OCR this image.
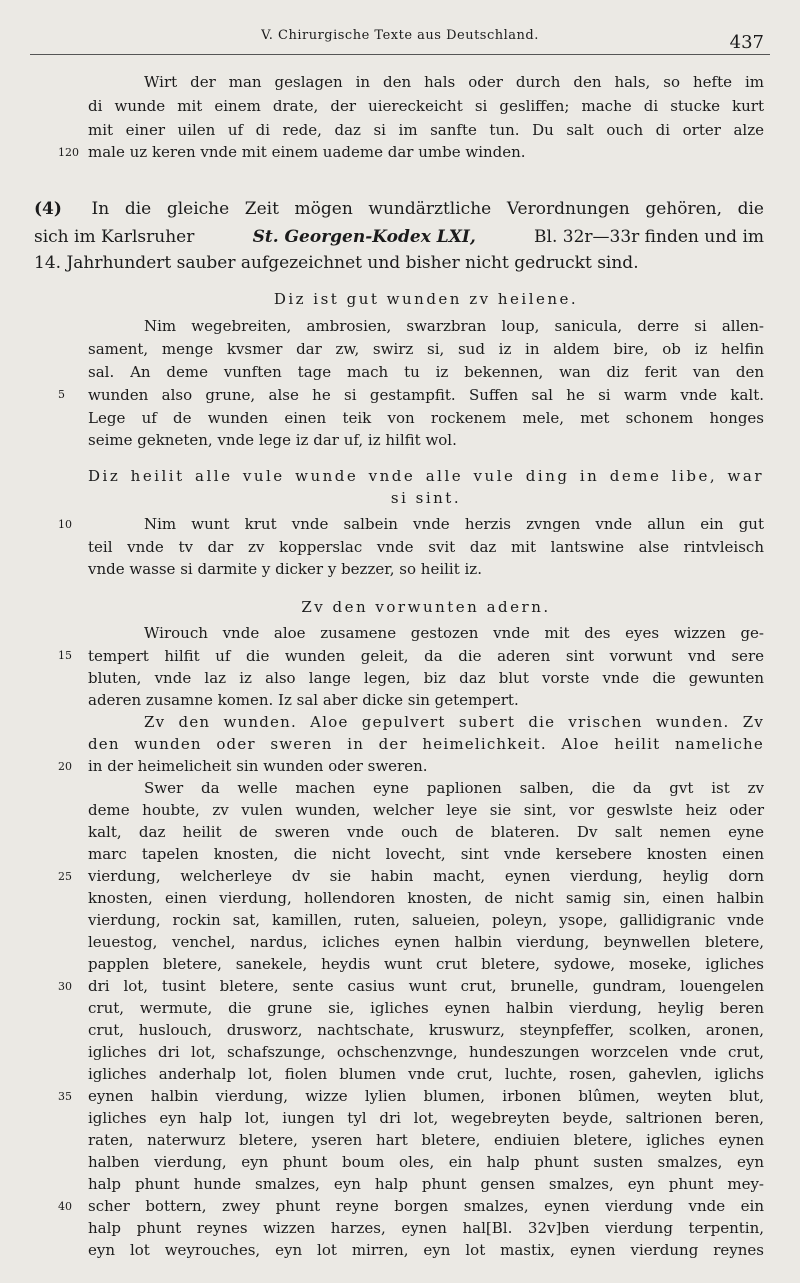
V. Chirurgische Texte aus Deutschland.	437
Wirt der man geslagen in den hals oder durch den hals, so hefte im
di wunde mit einem drate, der uiereckeicht si gesliffen; mache di stucke kurt
mit einer uilen uf di rede, daz si im sanfte tun. Du salt ouch di orter alze
120 male uz keren vnde mit einem uademe dar umbe winden.
(4) In die gleiche Zeit mögen wundärztliche Verordnungen gehören, die
sich im Karlsruher	St. Georgen-Kodex LXI,	Bl. 32r—33r finden und im
14. Jahrhundert sauber aufgezeichnet und bisher nicht gedruckt sind.
Diz ist gut wunden zv heilene.
Nim wegebreiten, ambrosien, swarzbran loup, sanicula, derre si allen-
sament, menge kvsmer dar zw, swirz si, sud iz in aldem bire, ob iz helfin
sal. An deme vunften tage mach tu iz bekennen, wan diz ferit van den
5	wunden also grune, alse he si gestampfit. Suffen sal he si warm vnde kalt.
Lege uf de wunden einen teik von rockenem mele, met schonem honges
seime gekneten, vnde lege iz dar uf, iz hilfit wol.
Diz heilit alle vule wunde vnde alle vule ding in deme libe, war
si sint.
10	Nim wunt krut vnde salbein vnde herzis zvngen vnde allun ein gut
teil vnde tv dar zv kopperslac vnde svit daz mit lantswine alse rintvleisch
vnde wasse si darmite y dicker y bezzer, so heilit iz.
Zv den vorwunten adern.
Wirouch vnde aloe zusamene gestozen vnde mit des eyes wizzen ge-
15	tempert hilfit uf die wunden geleit, da die aderen sint vorwunt vnd sere
bluten, vnde laz iz also lange legen, biz daz blut vorste vnde die gewunten
aderen zusamne komen. Iz sal aber dicke sin getempert.
Zv den wunden. Aloe gepulvert subert die vrischen wunden. Zv
den wunden oder sweren in der heimelichkeit. Aloe heilit nameliche
20	in der heimelicheit sin wunden oder sweren.
Swer da welle machen eyne paplionen salben, die da gvt ist zv
deme houbte, zv vulen wunden, welcher leye sie sint, vor geswlste heiz oder
kalt, daz heilit de sweren vnde ouch de blateren. Dv salt nemen eyne
marc tapelen knosten, die nicht lovecht, sint vnde kersebere knosten einen
25	vierdung, welcherleye dv sie habin macht, eynen vierdung, heylig dorn
knosten, einen vierdung, hollendoren knosten, de nicht samig sin, einen halbin
vierdung, rockin sat, kamillen, ruten, salueien, poleyn, ysope, gallidigranic vnde
leuestog, venchel, nardus, icliches eynen halbin vierdung, beynwellen bletere,
papplen bletere, sanekele, heydis wunt crut bletere, sydowe, moseke, igliches
30	dri lot, tusint bletere, sente casius wunt crut, brunelle, gundram, louengelen
crut, wermute, die grune sie, igliches eynen halbin vierdung, heylig beren
crut, huslouch, drusworz, nachtschate, kruswurz, steynpfeffer, scolken, aronen,
igliches dri lot, schafszunge, ochschenzvnge, hundeszungen worzcelen vnde crut,
igliches anderhalp lot, fiolen blumen vnde crut, luchte, rosen, gahevlen, iglichs
35	eynen halbin vierdung, wizze lylien blumen, irbonen blûmen, weyten blut,
igliches eyn halp lot, iungen tyl dri lot, wegebreyten beyde, saltrionen beren,
raten, naterwurz bletere, yseren hart bletere, endiuien bletere, igliches eynen
halben vierdung, eyn phunt boum oles, ein halp phunt susten smalzes, eyn
halp phunt hunde smalzes, eyn halp phunt gensen smalzes, eyn phunt mey-
40	scher bottern, zwey phunt reyne borgen smalzes, eynen vierdung vnde ein
halp phunt reynes wizzen harzes, eynen hal[Bl. 32v]ben vierdung terpentin,
eyn lot weyrouches, eyn lot mirren, eyn lot mastix, eynen vierdung reynes
